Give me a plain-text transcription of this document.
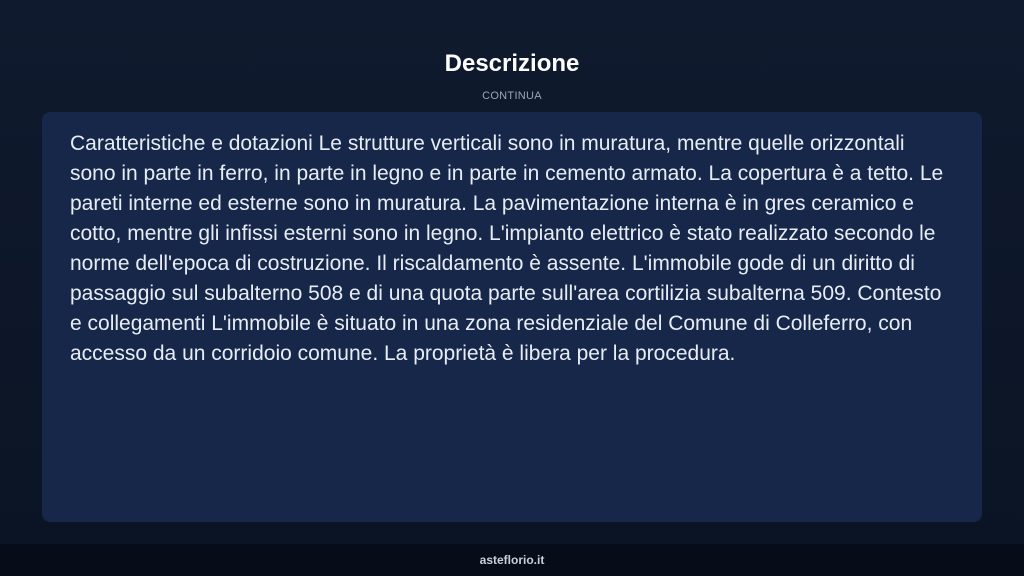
Descrizione
CONTINUA

Caratteristiche e dotazioni Le strutture verticali sono in muratura, mentre quelle orizzontali sono in parte in ferro, in parte in legno e in parte in cemento armato. La copertura è a tetto. Le pareti interne ed esterne sono in muratura. La pavimentazione interna è in gres ceramico e cotto, mentre gli infissi esterni sono in legno. L'impianto elettrico è stato realizzato secondo le norme dell'epoca di costruzione. Il riscaldamento è assente. L'immobile gode di un diritto di passaggio sul subalterno 508 e di una quota parte sull'area cortilizia subalterna 509. Contesto e collegamenti L'immobile è situato in una zona residenziale del Comune di Colleferro, con accesso da un corridoio comune. La proprietà è libera per la procedura.

asteflorio.it
